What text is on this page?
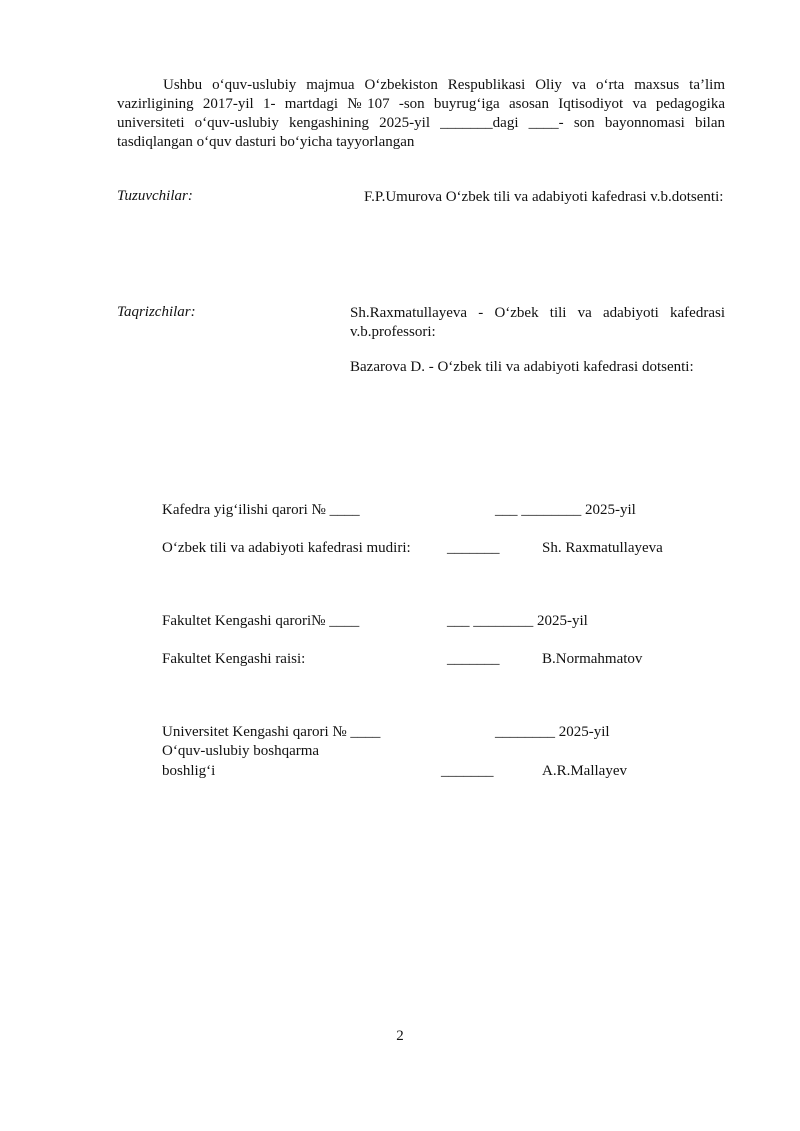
Ushbu oʻquv-uslubiy majmua Oʻzbekiston Respublikasi Oliy va oʻrta maxsus ta’lim vazirligining 2017-yil 1- martdagi №107 -son buyrugʻiga asosan Iqtisodiyot va pedagogika universiteti oʻquv-uslubiy kengashining 2025-yil _______dagi ____- son bayonnomasi bilan tasdiqlangan oʻquv dasturi boʻyicha tayyorlangan

Tuzuvchilar:	F.P.Umurova Oʻzbek tili va adabiyoti kafedrasi v.b.dotsenti:

Taqrizchilar:	Sh.Raxmatullayeva - Oʻzbek tili va adabiyoti kafedrasi v.b.professori:

Bazarova D. - Oʻzbek tili va adabiyoti kafedrasi dotsenti:

Kafedra yigʻilishi qarori № ____	___ ________ 2025-yil
Oʻzbek tili va adabiyoti kafedrasi mudiri: _______	Sh. Raxmatullayeva
Fakultet Kengashi qarori№ ____	___ ________ 2025-yil
Fakultet Kengashi raisi:	_______	B.Normahmatov
Universitet Kengashi qarori № ____	________ 2025-yil
Oʻquv-uslubiy boshqarma
boshligʻi	_______	A.R.Mallayev
2
